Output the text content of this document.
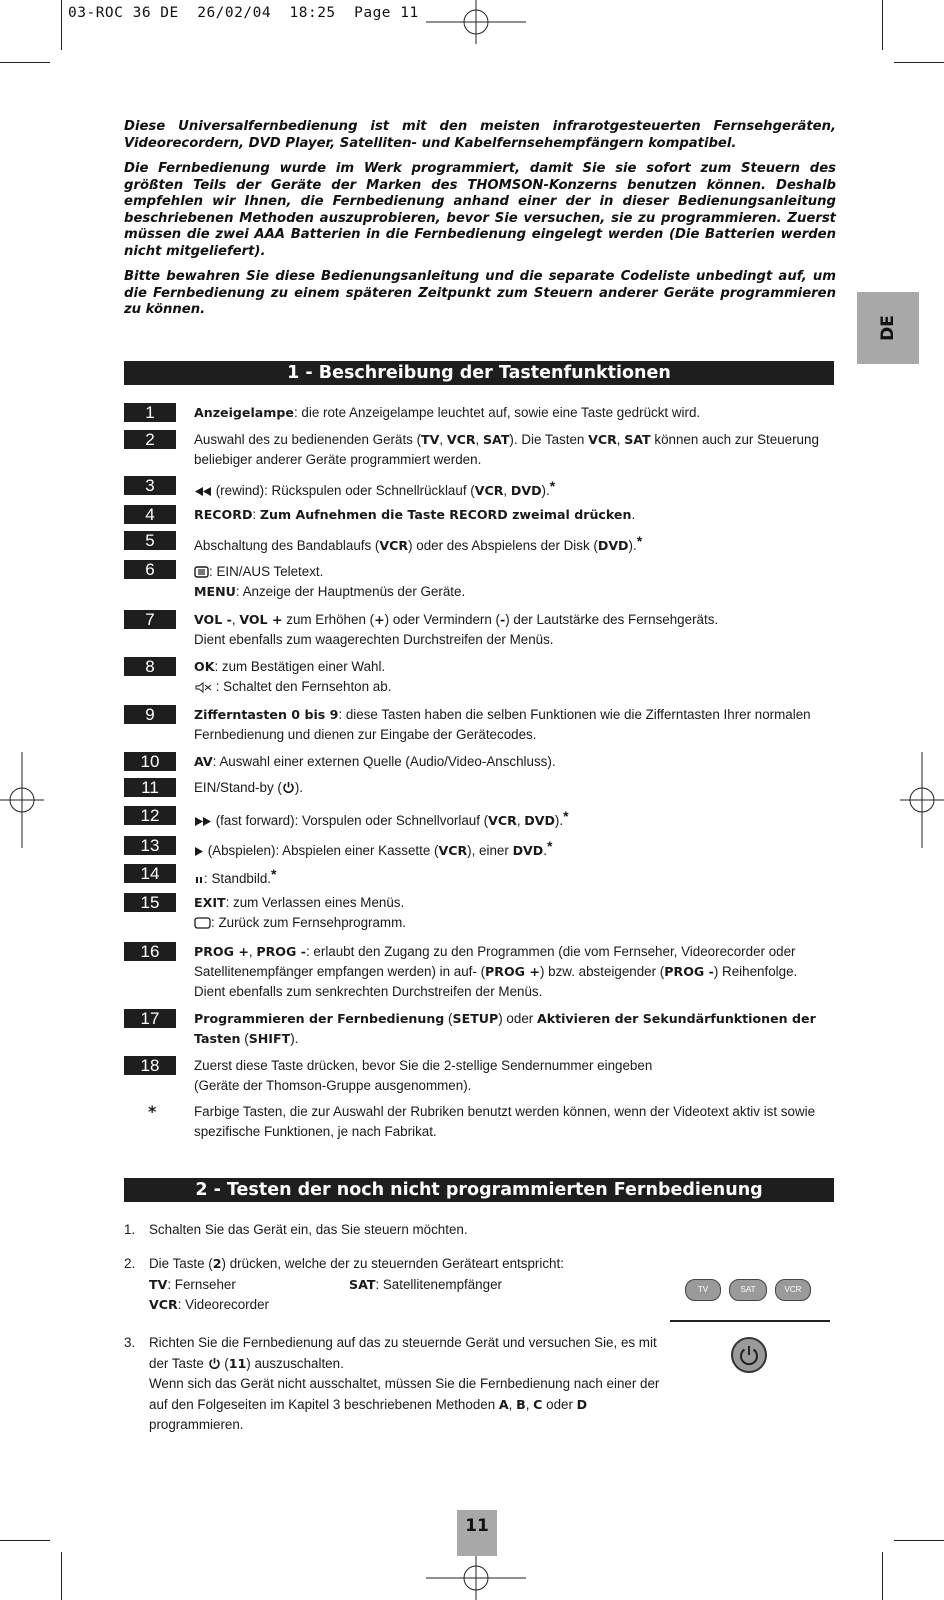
03-ROC 36 DE  26/02/04  18:25  Page 11

Diese Universalfernbedienung ist mit den meisten infrarotgesteuerten Fernsehgeräten, Videorecordern, DVD Player, Satelliten- und Kabelfernsehempfängern kompatibel.

Die Fernbedienung wurde im Werk programmiert, damit Sie sie sofort zum Steuern des größten Teils der Geräte der Marken des THOMSON-Konzerns benutzen können. Deshalb empfehlen wir Ihnen, die Fernbedienung anhand einer der in dieser Bedienungsanleitung beschriebenen Methoden auszuprobieren, bevor Sie versuchen, sie zu programmieren. Zuerst müssen die zwei AAA Batterien in die Fernbedienung eingelegt werden (Die Batterien werden nicht mitgeliefert).

Bitte bewahren Sie diese Bedienungsanleitung und die separate Codeliste unbedingt auf, um die Fernbedienung zu einem späteren Zeitpunkt zum Steuern anderer Geräte programmieren zu können.

DE
1 - Beschreibung der Tastenfunktionen
1	Anzeigelampe: die rote Anzeigelampe leuchtet auf, sowie eine Taste gedrückt wird.
2	Auswahl des zu bedienenden Geräts (TV, VCR, SAT). Die Tasten VCR, SAT können auch zur Steuerung beliebiger anderer Geräte programmiert werden.
3	(rewind): Rückspulen oder Schnellrücklauf (VCR, DVD).*
4	RECORD: Zum Aufnehmen die Taste RECORD zweimal drücken.
5	Abschaltung des Bandablaufs (VCR) oder des Abspielens der Disk (DVD).*
6	: EIN/AUS Teletext.
MENU: Anzeige der Hauptmenüs der Geräte.
7	VOL -, VOL + zum Erhöhen (+) oder Vermindern (-) der Lautstärke des Fernsehgeräts.
Dient ebenfalls zum waagerechten Durchstreifen der Menüs.
8	OK: zum Bestätigen einer Wahl.
: Schaltet den Fernsehton ab.
9	Zifferntasten 0 bis 9: diese Tasten haben die selben Funktionen wie die Zifferntasten Ihrer normalen Fernbedienung und dienen zur Eingabe der Gerätecodes.
10	AV: Auswahl einer externen Quelle (Audio/Video-Anschluss).
11	EIN/Stand-by ( ).
12	(fast forward): Vorspulen oder Schnellvorlauf (VCR, DVD).*
13	(Abspielen): Abspielen einer Kassette (VCR), einer DVD.*
14	: Standbild.*
15	EXIT: zum Verlassen eines Menüs.
: Zurück zum Fernsehprogramm.
16	PROG +, PROG -: erlaubt den Zugang zu den Programmen (die vom Fernseher, Videorecorder oder Satellitenempfänger empfangen werden) in auf- (PROG +) bzw. absteigender (PROG -) Reihenfolge.
Dient ebenfalls zum senkrechten Durchstreifen der Menüs.
17	Programmieren der Fernbedienung (SETUP) oder Aktivieren der Sekundärfunktionen der Tasten (SHIFT).
18	Zuerst diese Taste drücken, bevor Sie die 2-stellige Sendernummer eingeben
(Geräte der Thomson-Gruppe ausgenommen).
*	Farbige Tasten, die zur Auswahl der Rubriken benutzt werden können, wenn der Videotext aktiv ist sowie spezifische Funktionen, je nach Fabrikat.
2 - Testen der noch nicht programmierten Fernbedienung
1. Schalten Sie das Gerät ein, das Sie steuern möchten.
2. Die Taste (2) drücken, welche der zu steuernden Geräteart entspricht:

TV: Fernseher	SAT: Satellitenempfänger
VCR: Videorecorder
3. Richten Sie die Fernbedienung auf das zu steuernde Gerät und versuchen Sie, es mit der Taste  (11) auszuschalten.
Wenn sich das Gerät nicht ausschaltet, müssen Sie die Fernbedienung nach einer der auf den Folgeseiten im Kapitel 3 beschriebenen Methoden A, B, C oder D programmieren.
TV	SAT	VCR
11
